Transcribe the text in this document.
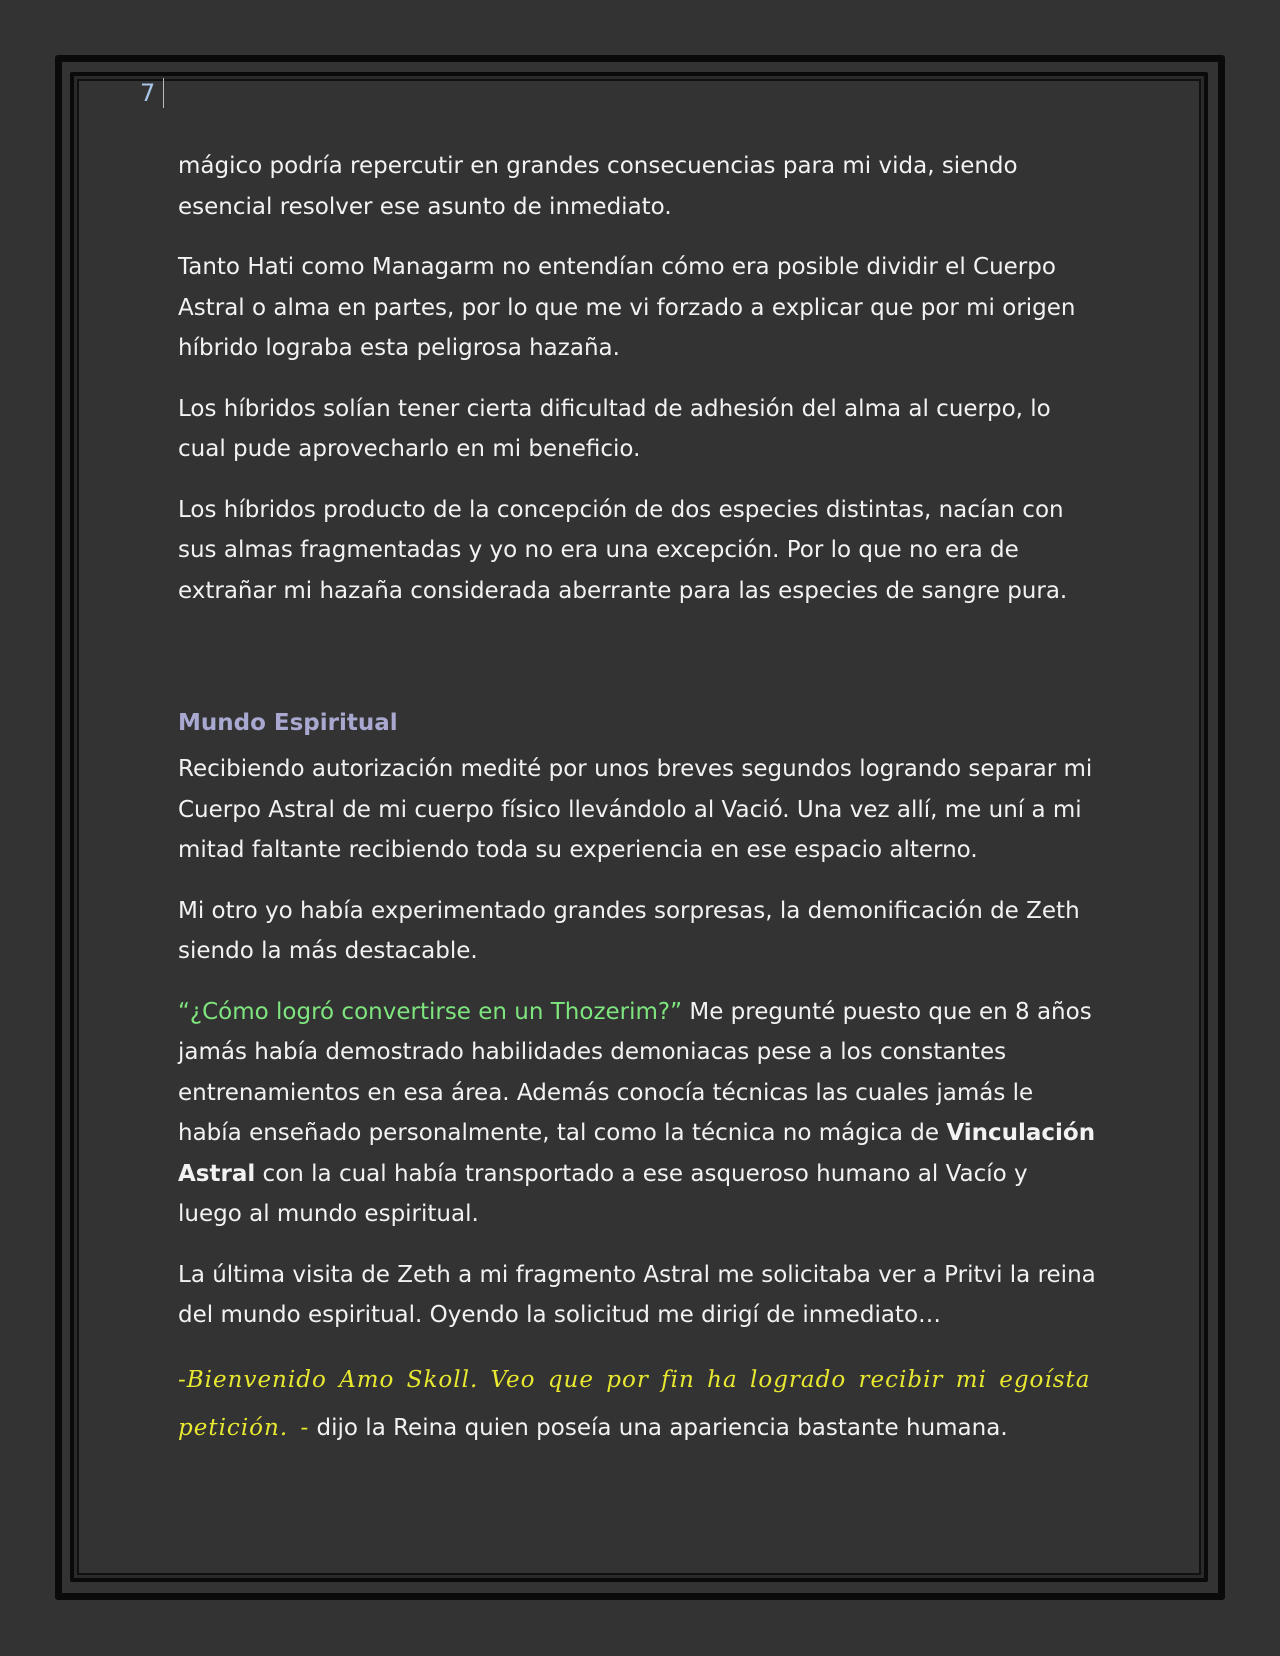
7

mágico podría repercutir en grandes consecuencias para mi vida, siendo esencial resolver ese asunto de inmediato.

Tanto Hati como Managarm no entendían cómo era posible dividir el Cuerpo Astral o alma en partes, por lo que me vi forzado a explicar que por mi origen híbrido lograba esta peligrosa hazaña.

Los híbridos solían tener cierta dificultad de adhesión del alma al cuerpo, lo cual pude aprovecharlo en mi beneficio.

Los híbridos producto de la concepción de dos especies distintas, nacían con sus almas fragmentadas y yo no era una excepción. Por lo que no era de extrañar mi hazaña considerada aberrante para las especies de sangre pura.

Mundo Espiritual

Recibiendo autorización medité por unos breves segundos logrando separar mi Cuerpo Astral de mi cuerpo físico llevándolo al Vació. Una vez allí, me uní a mi mitad faltante recibiendo toda su experiencia en ese espacio alterno.

Mi otro yo había experimentado grandes sorpresas, la demonificación de Zeth siendo la más destacable.

“¿Cómo logró convertirse en un Thozerim?” Me pregunté puesto que en 8 años jamás había demostrado habilidades demoniacas pese a los constantes entrenamientos en esa área. Además conocía técnicas las cuales jamás le había enseñado personalmente, tal como la técnica no mágica de Vinculación Astral con la cual había transportado a ese asqueroso humano al Vacío y luego al mundo espiritual.

La última visita de Zeth a mi fragmento Astral me solicitaba ver a Pritvi la reina del mundo espiritual. Oyendo la solicitud me dirigí de inmediato…

-Bienvenido Amo Skoll. Veo que por fin ha logrado recibir mi egoísta petición. - dijo la Reina quien poseía una apariencia bastante humana.
